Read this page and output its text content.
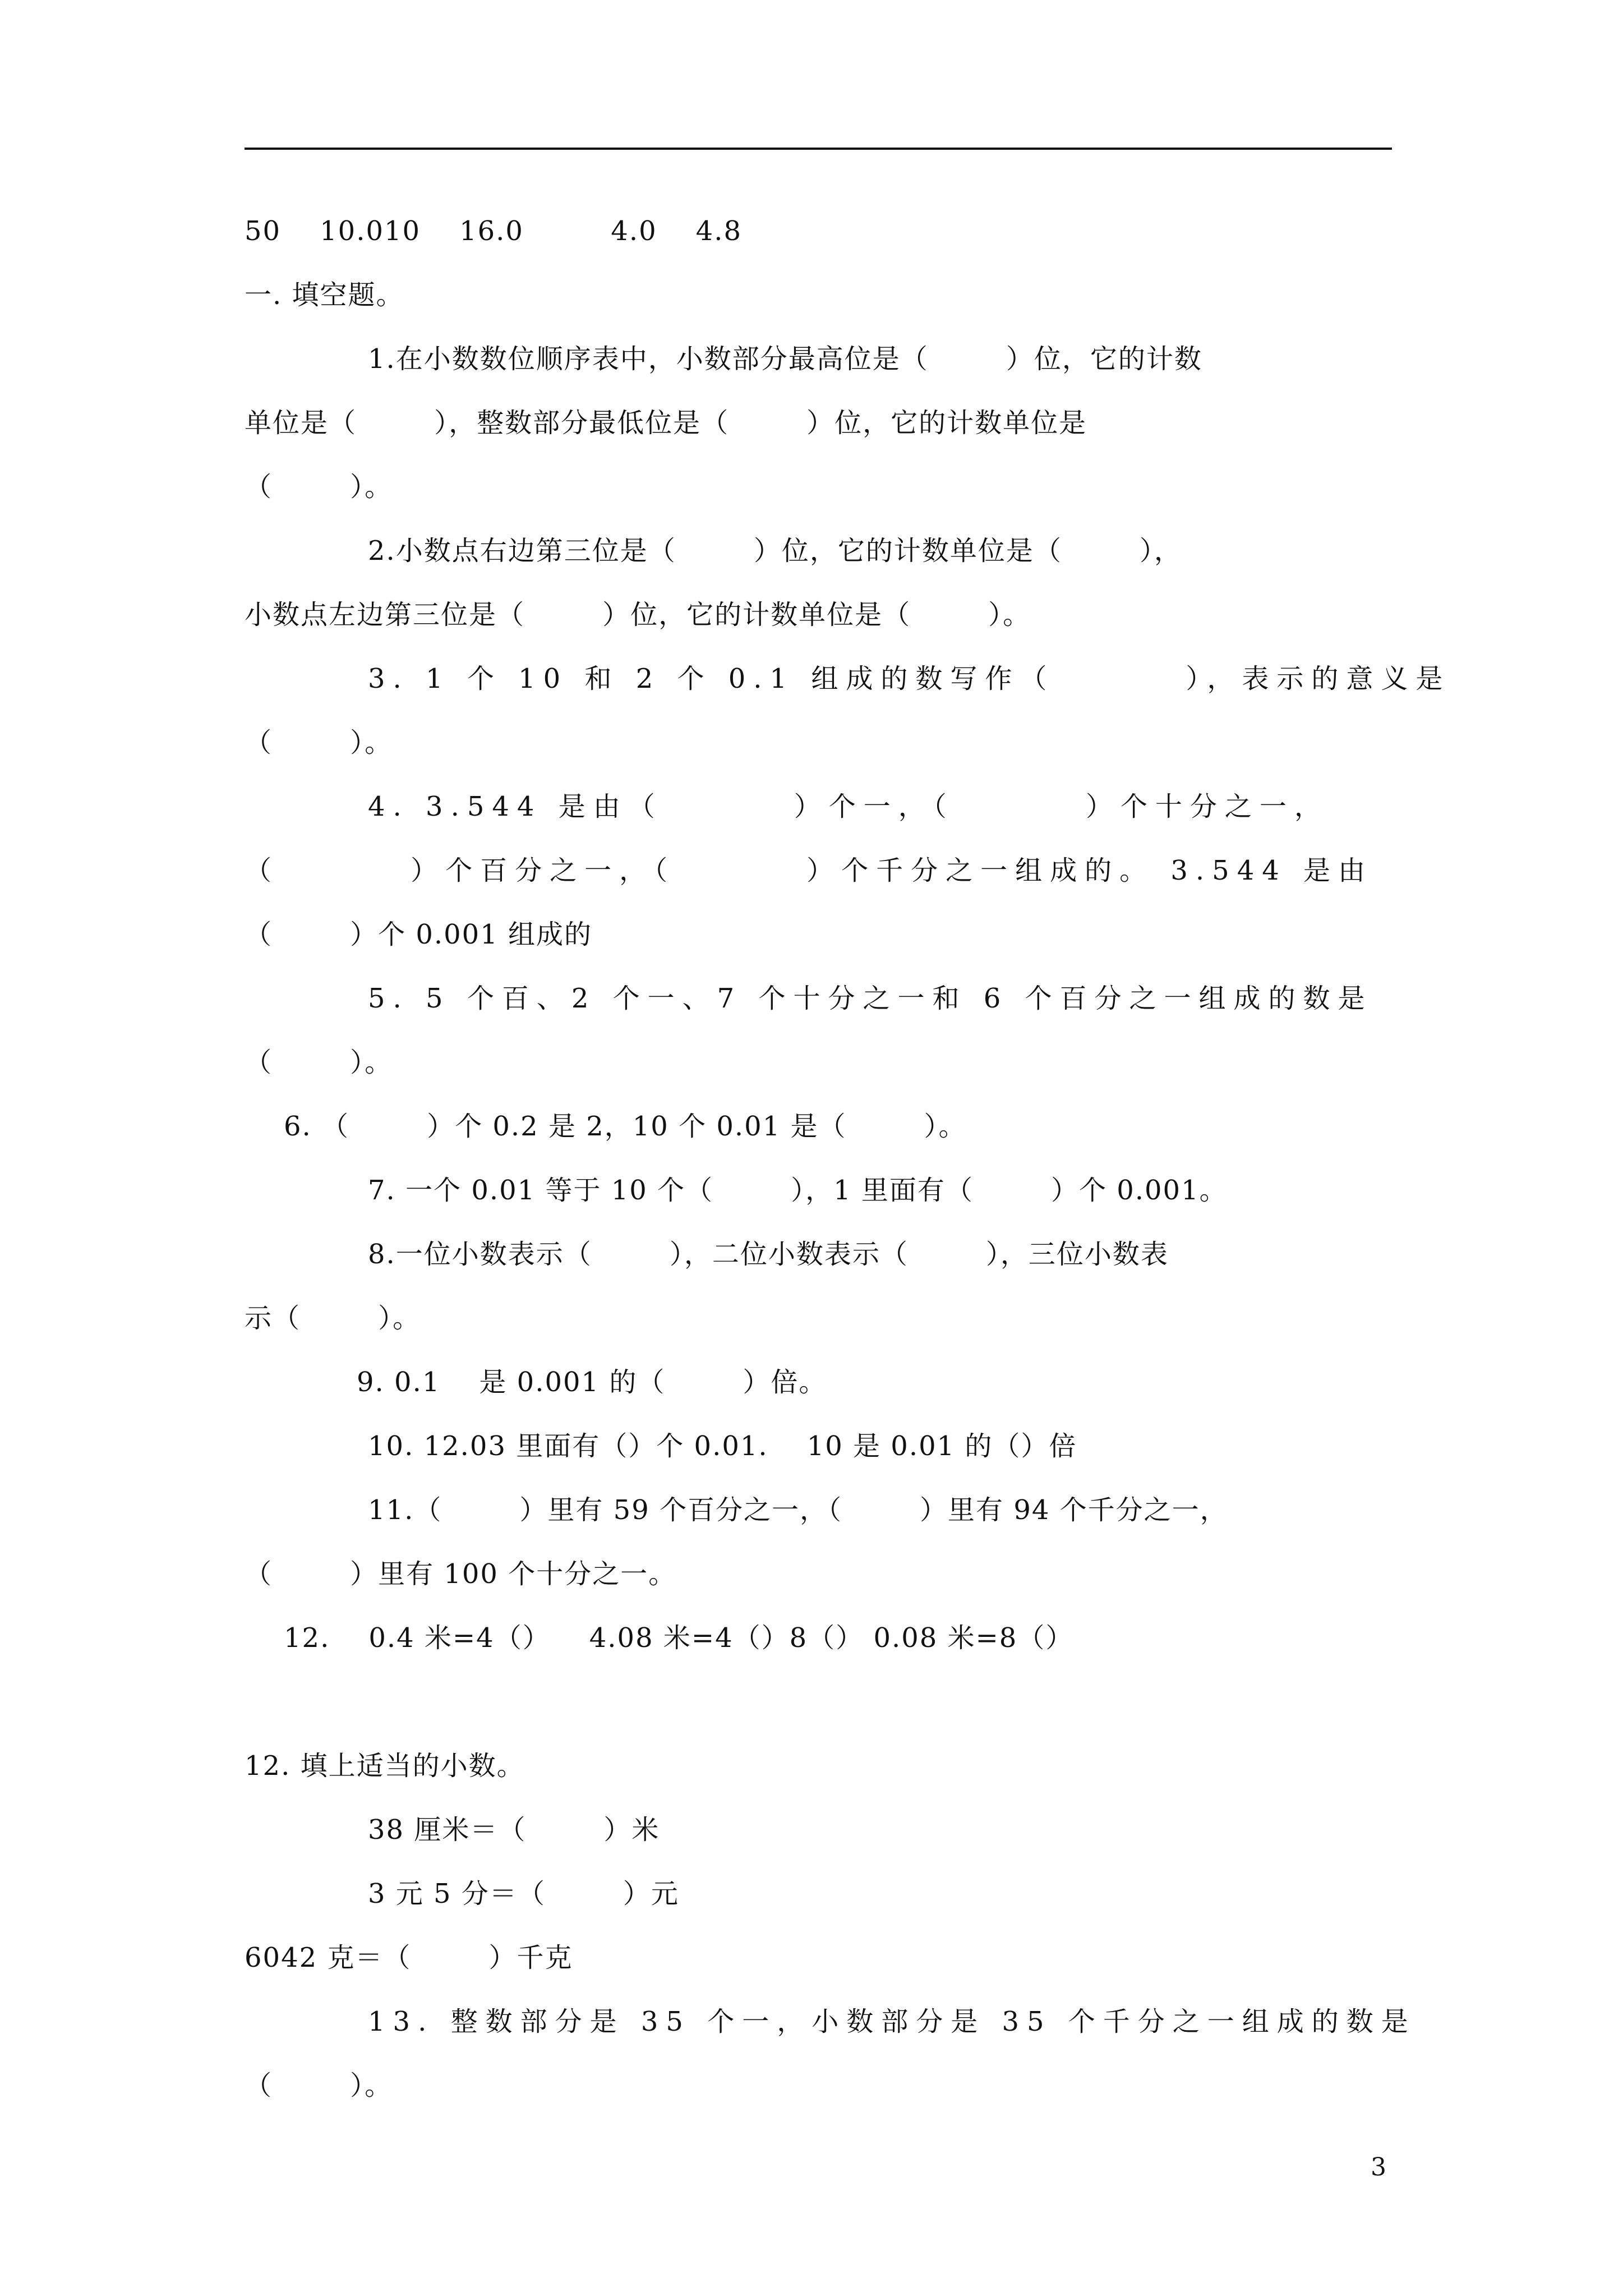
50    10.010    16.0         4.0    4.8
一. 填空题。
1.在小数数位顺序表中，小数部分最高位是（        ）位，它的计数
单位是（        ），整数部分最低位是（        ）位，它的计数单位是
（        ）。
2.小数点右边第三位是（        ）位，它的计数单位是（        ），
小数点左边第三位是（        ）位，它的计数单位是（        ）。
3. 1 个 10 和 2 个 0.1 组成的数写作（        ），表示的意义是
（        ）。
4. 3.544 是由（        ）个一，（        ）个十分之一，
（        ）个百分之一，（        ）个千分之一组成的。 3.544 是由
（        ）个 0.001 组成的
5. 5 个百、2 个一、7 个十分之一和 6 个百分之一组成的数是
（        ）。
6. （        ）个 0.2 是 2，10 个 0.01 是（        ）。
7. 一个 0.01 等于 10 个（        ），1 里面有（        ）个 0.001。
8.一位小数表示（        ），二位小数表示（        ），三位小数表
示（        ）。
9. 0.1    是 0.001 的（        ）倍。
10. 12.03 里面有（）个 0.01.    10 是 0.01 的（）倍
11.（        ）里有 59 个百分之一，（        ）里有 94 个千分之一，
（        ）里有 100 个十分之一。
12.    0.4 米=4（）    4.08 米=4（）8（） 0.08 米=8（）
12. 填上适当的小数。
38 厘米＝（        ）米
3 元 5 分＝（        ）元
6042 克＝（        ）千克
13. 整数部分是 35 个一，小数部分是 35 个千分之一组成的数是
（        ）。
3
